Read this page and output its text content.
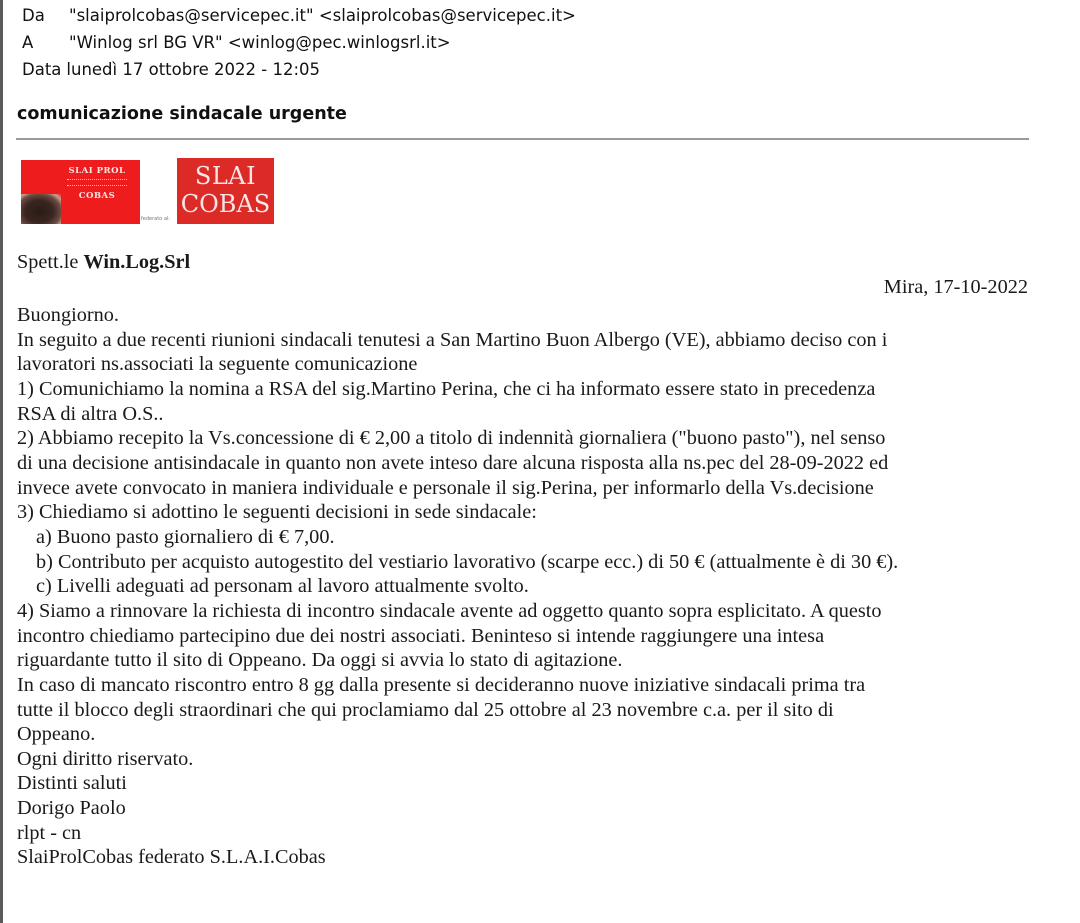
Da "slaiprolcobas@servicepec.it" <slaiprolcobas@servicepec.it>
A "Winlog srl BG VR" <winlog@pec.winlogsrl.it>
Data lunedì 17 ottobre 2022 - 12:05
comunicazione sindacale urgente
SLAI PROL
COBAS
federato al:
SLAI
COBAS
Spett.le Win.Log.Srl
Mira, 17-10-2022
Buongiorno.
In seguito a due recenti riunioni sindacali tenutesi a San Martino Buon Albergo (VE), abbiamo deciso con i
lavoratori ns.associati la seguente comunicazione
1) Comunichiamo la nomina a RSA del sig.Martino Perina, che ci ha informato essere stato in precedenza
RSA di altra O.S..
2) Abbiamo recepito la Vs.concessione di € 2,00 a titolo di indennità giornaliera ("buono pasto"), nel senso
di una decisione antisindacale in quanto non avete inteso dare alcuna risposta alla ns.pec del 28-09-2022 ed
invece avete convocato in maniera individuale e personale il sig.Perina, per informarlo della Vs.decisione
3) Chiediamo si adottino le seguenti decisioni in sede sindacale:
a) Buono pasto giornaliero di € 7,00.
b) Contributo per acquisto autogestito del vestiario lavorativo (scarpe ecc.) di 50 € (attualmente è di 30 €).
c) Livelli adeguati ad personam al lavoro attualmente svolto.
4) Siamo a rinnovare la richiesta di incontro sindacale avente ad oggetto quanto sopra esplicitato. A questo
incontro chiediamo partecipino due dei nostri associati. Beninteso si intende raggiungere una intesa
riguardante tutto il sito di Oppeano. Da oggi si avvia lo stato di agitazione.
In caso di mancato riscontro entro 8 gg dalla presente si decideranno nuove iniziative sindacali prima tra
tutte il blocco degli straordinari che qui proclamiamo dal 25 ottobre al 23 novembre c.a. per il sito di
Oppeano.
Ogni diritto riservato.
Distinti saluti
Dorigo Paolo
rlpt - cn
SlaiProlCobas federato S.L.A.I.Cobas
